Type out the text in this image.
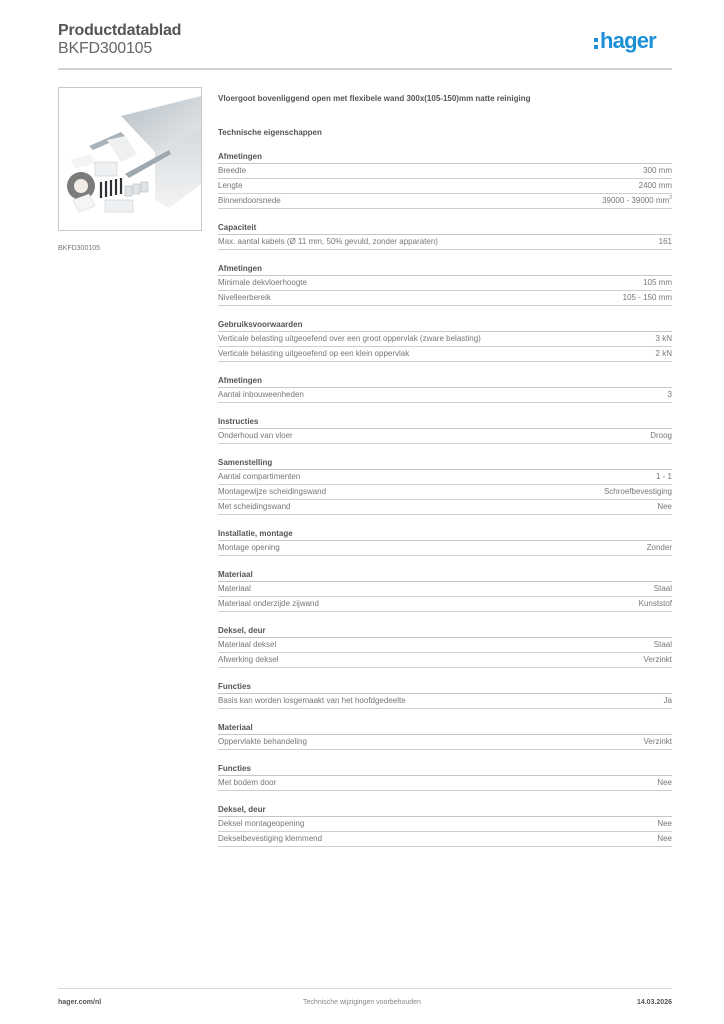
Productdatablad
BKFD300105	hager
BKFD300105
Vloergoot bovenliggend open met flexibele wand 300x(105-150)mm natte reiniging
Technische eigenschappen
Afmetingen
Breedte	300 mm
Lengte	2400 mm
Binnendoorsnede	39000 - 39000 $mm^2$
Capaciteit
Max. aantal kabels (Ø 11 mm, 50% gevuld, zonder apparaten)	161
Afmetingen
Minimale dekvloerhoogte	105 mm
Nivelleerbereik	105 - 150 mm
Gebruiksvoorwaarden
Verticale belasting uitgeoefend over een groot oppervlak (zware belasting)	3 kN
Verticale belasting uitgeoefend op een klein oppervlak	2 kN
Afmetingen
Aantal inbouweenheden	3
Instructies
Onderhoud van vloer	Droog
Samenstelling
Aantal compartimenten	1 - 1
Montagewijze scheidingswand	Schroefbevestiging
Met scheidingswand	Nee
Installatie, montage
Montage opening	Zonder
Materiaal
Materiaal	Staal
Materiaal onderzijde zijwand	Kunststof
Deksel, deur
Materiaal deksel	Staal
Afwerking deksel	Verzinkt
Functies
Basis kan worden losgemaakt van het hoofdgedeelte	Ja
Materiaal
Oppervlakte behandeling	Verzinkt
Functies
Met bodem door	Nee
Deksel, deur
Deksel montageopening	Nee
Dekselbevestiging klemmend	Nee
hager.com/nl	Technische wijzigingen voorbehouden	14.03.2026
